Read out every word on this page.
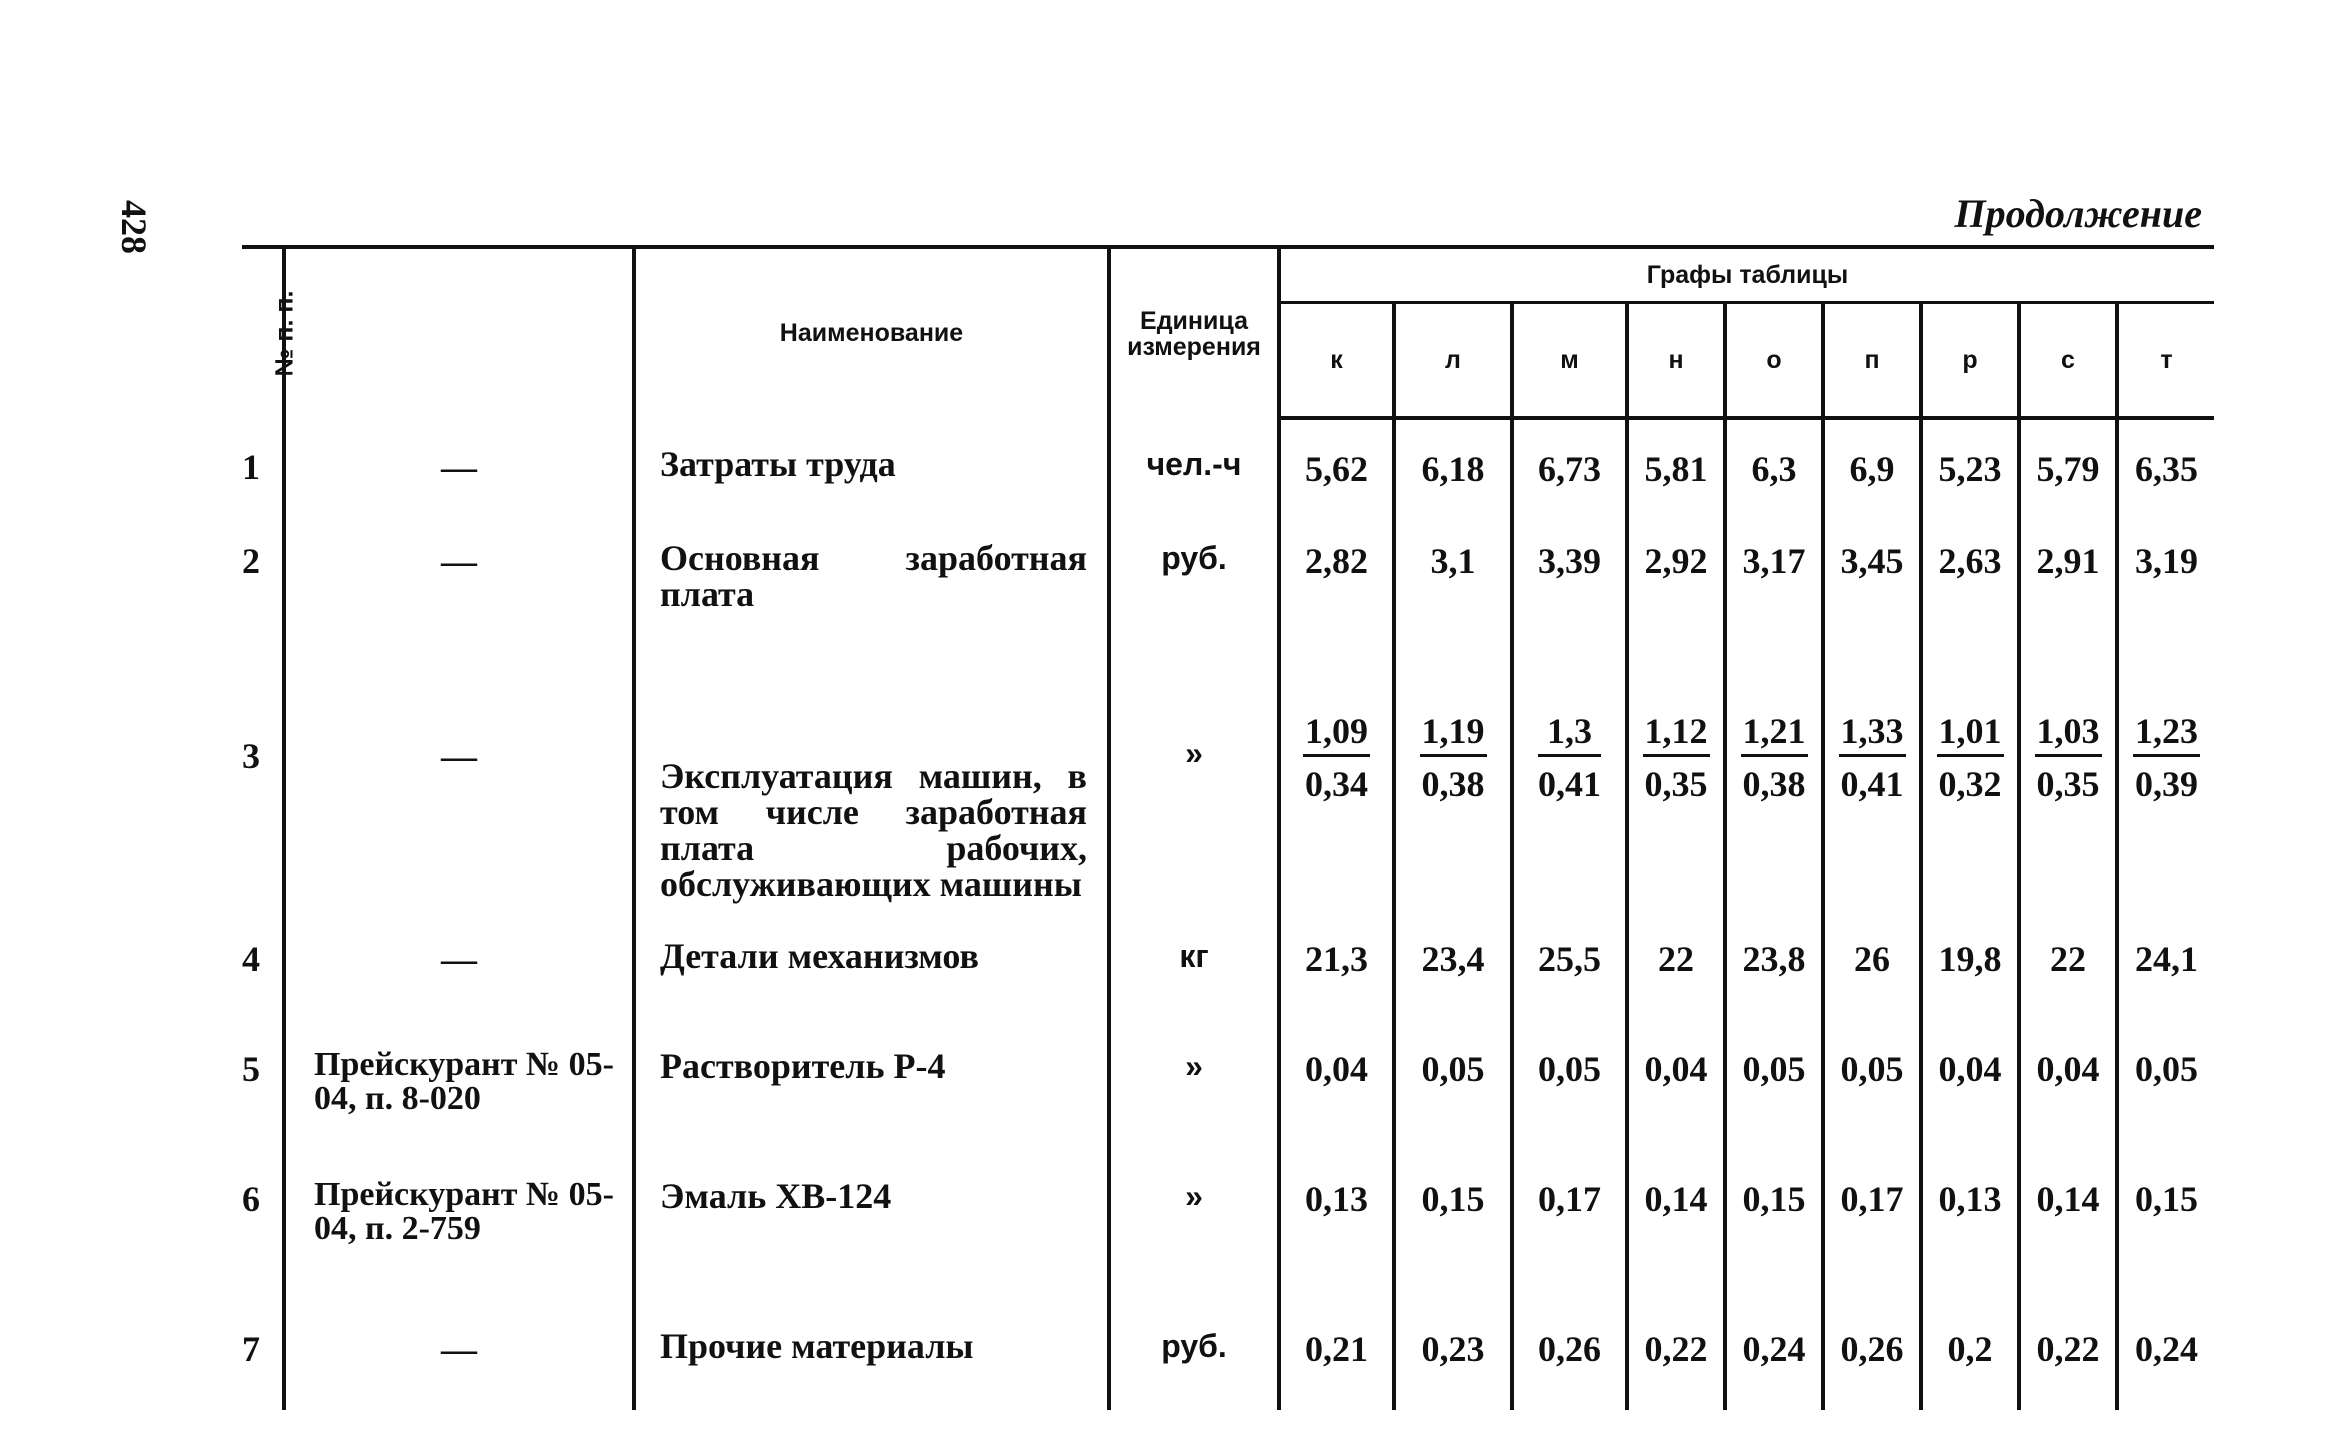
428	Продолжение
№ п. п.		Наименование	Единица измерения	Графы таблицы								
				к	л	м	н	о	п	р	с	т
1	—	Затраты труда	чел.-ч	5,62	6,18	6,73	5,81	6,3	6,9	5,23	5,79	6,35
2	—	Основная заработная плата	руб.	2,82	3,1	3,39	2,92	3,17	3,45	2,63	2,91	3,19
3	—	Эксплуатация машин, в том числе заработная плата рабочих, обслуживающих машины	»	$\frac{1,09}{0,34}$	$\frac{1,19}{0,38}$	$\frac{1,3}{0,41}$	$\frac{1,12}{0,35}$	$\frac{1,21}{0,38}$	$\frac{1,33}{0,41}$	$\frac{1,01}{0,32}$	$\frac{1,03}{0,35}$	$\frac{1,23}{0,39}$

4	—	Детали механизмов	кг	21,3	23,4	25,5	22	23,8	26	19,8	22	24,1
5	Прейскурант № 05-04, п. 8-020	Растворитель Р-4	»	0,04	0,05	0,05	0,04	0,05	0,05	0,04	0,04	0,05
6	Прейскурант № 05-04, п. 2-759	Эмаль ХВ-124	»	0,13	0,15	0,17	0,14	0,15	0,17	0,13	0,14	0,15
7	—	Прочие материалы	руб.	0,21	0,23	0,26	0,22	0,24	0,26	0,2	0,22	0,24
